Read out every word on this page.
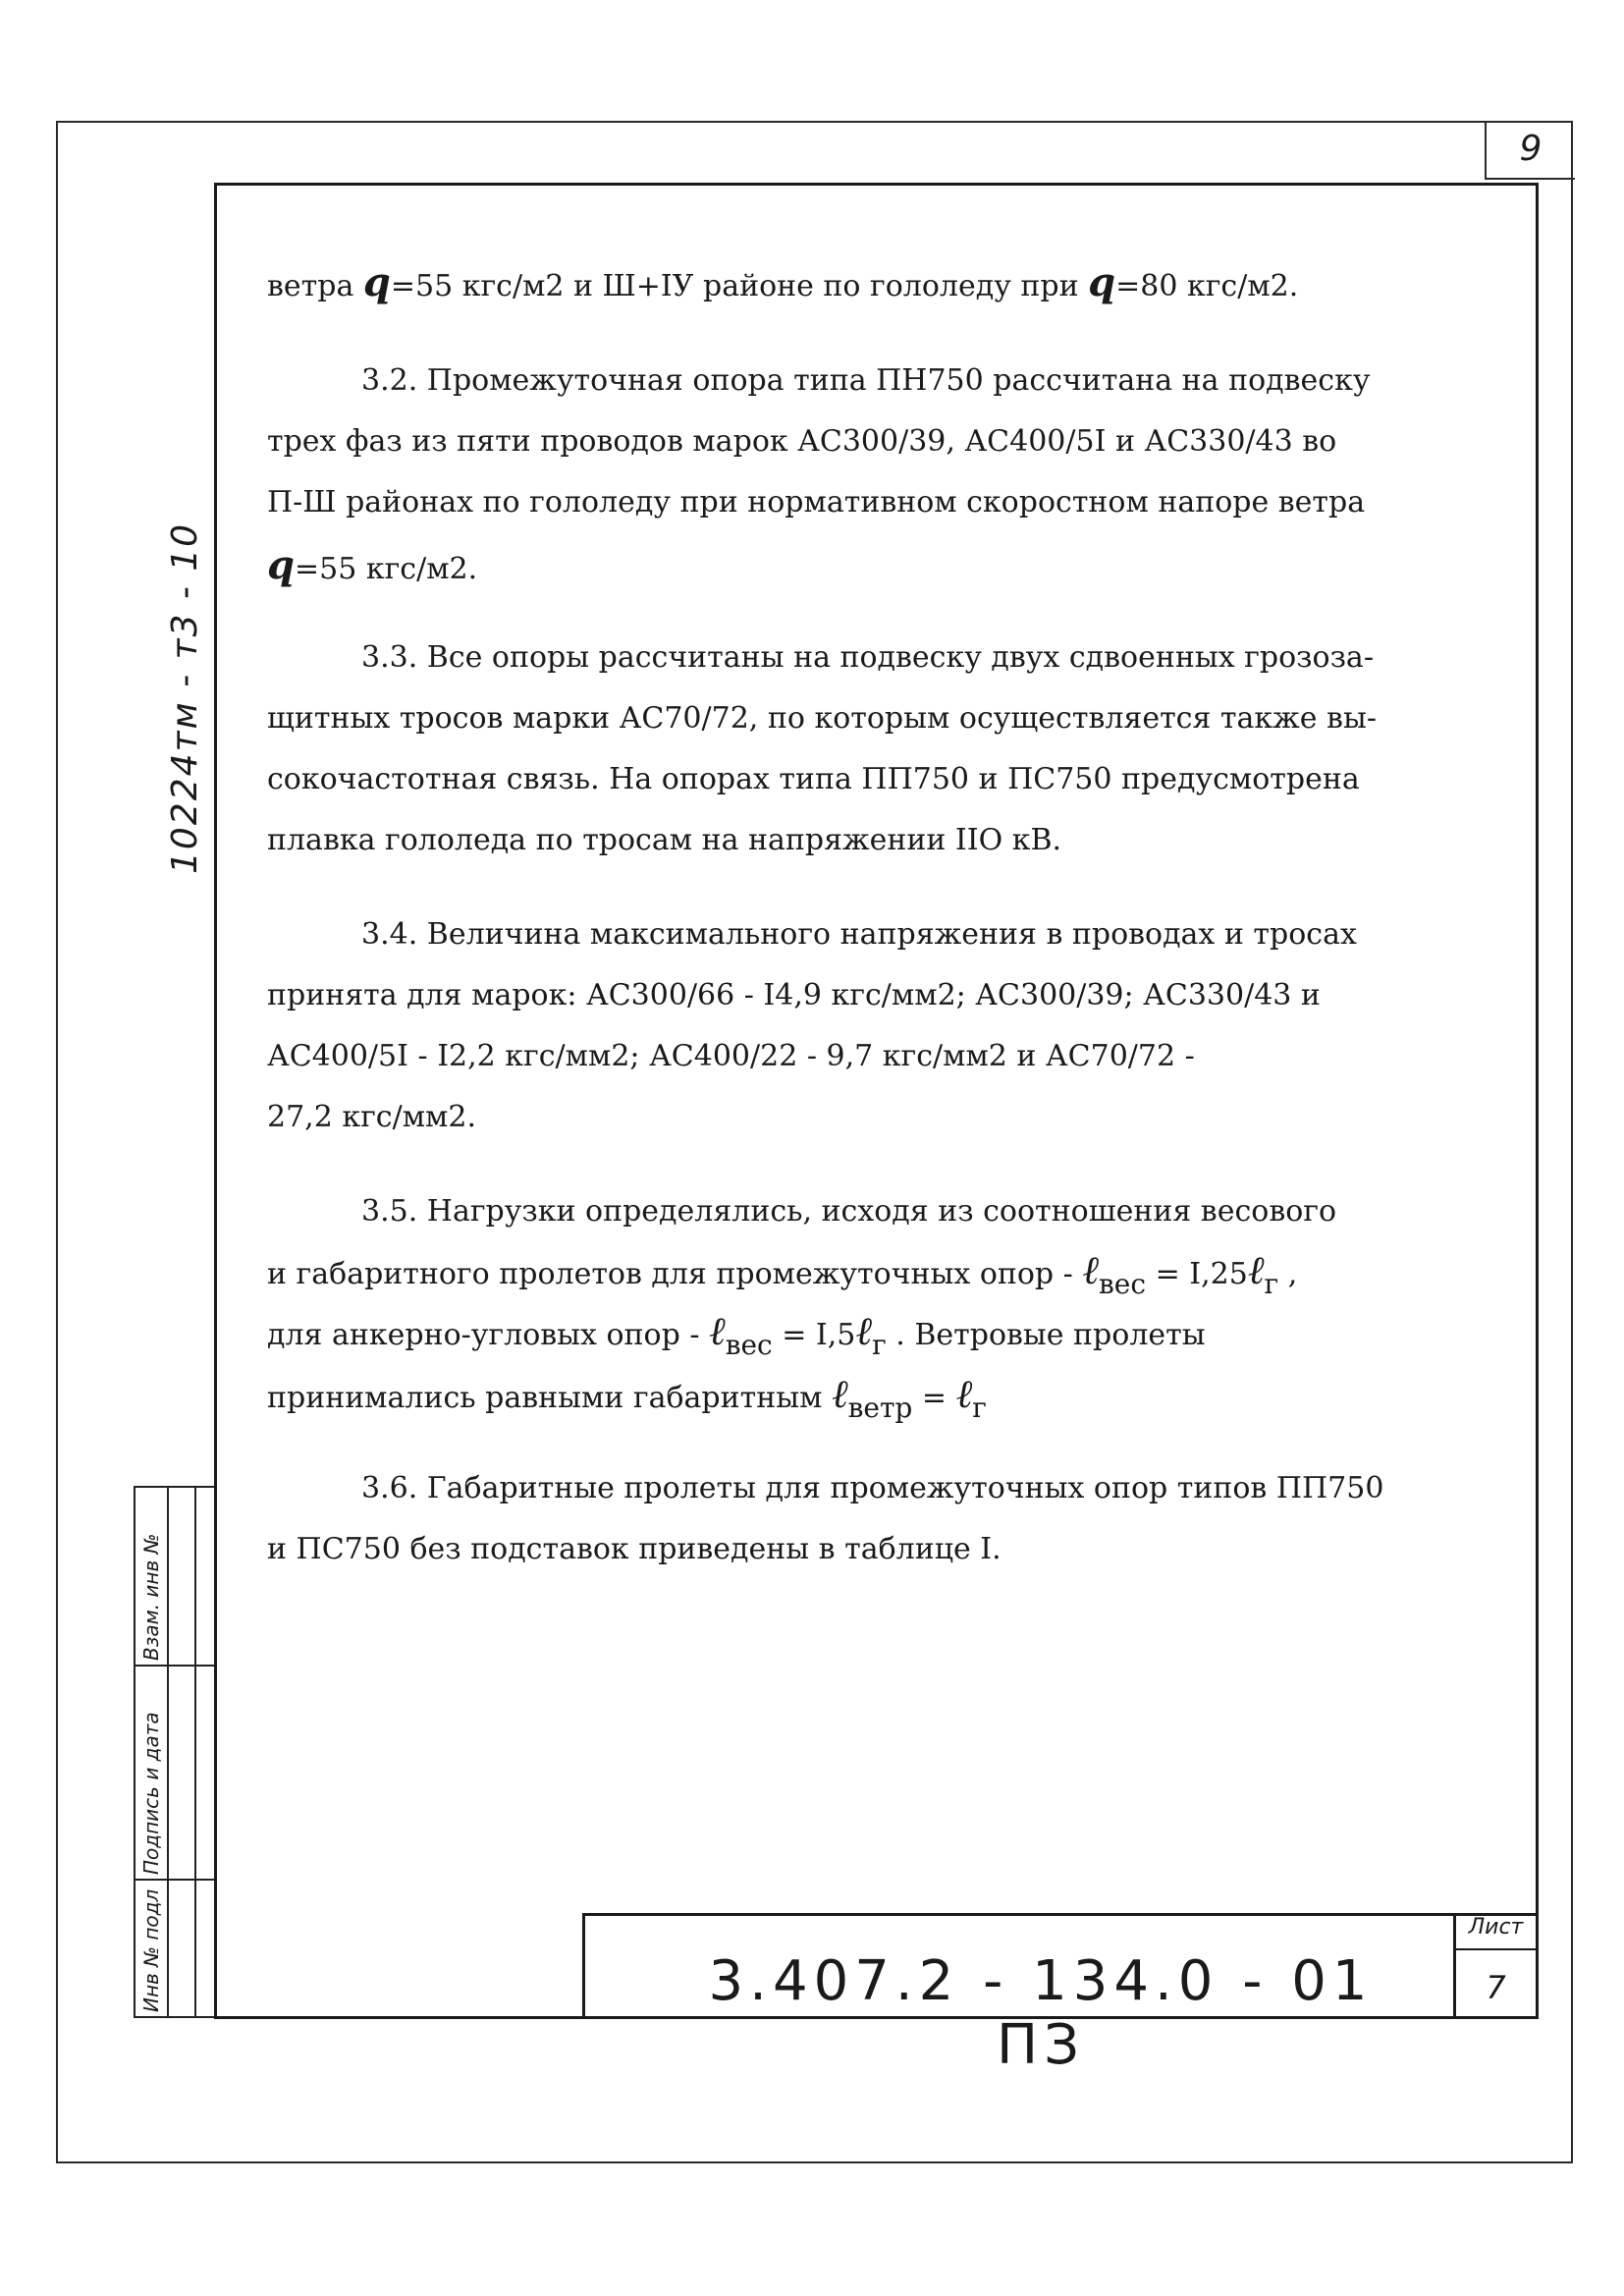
9
10224тм - т3 - 10
ветра q=55 кгс/м2 и Ш+IУ районе по гололеду при q=80 кгс/м2.
3.2. Промежуточная опора типа ПН750 рассчитана на подвеску
трех фаз из пяти проводов марок АС300/39, АС400/5I и АС330/43 во
П-Ш районах по гололеду при нормативном скоростном напоре ветра
q=55 кгс/м2.
3.3. Все опоры рассчитаны на подвеску двух сдвоенных грозоза-
щитных тросов марки АС70/72, по которым осуществляется также вы-
сокочастотная связь. На опорах типа ПП750 и ПС750 предусмотрена
плавка гололеда по тросам на напряжении IIО кВ.
3.4. Величина максимального напряжения в проводах и тросах
принята для марок: АС300/66 - I4,9 кгс/мм2; АС300/39; АС330/43 и
АС400/5I - I2,2 кгс/мм2; АС400/22 - 9,7 кгс/мм2 и АС70/72 -
27,2 кгс/мм2.
3.5. Нагрузки определялись, исходя из соотношения весового
и габаритного пролетов для промежуточных опор - ℓвес = I,25ℓг ,
для анкерно-угловых опор - ℓвес = I,5ℓг . Ветровые пролеты
принимались равными габаритным ℓветр = ℓг
3.6. Габаритные пролеты для промежуточных опор типов ПП750
и ПС750 без подставок приведены в таблице I.
Инв № подл
Подпись и дата
Взам. инв №
3.407.2 - 134.0 - 01 ПЗ
Лист
7
